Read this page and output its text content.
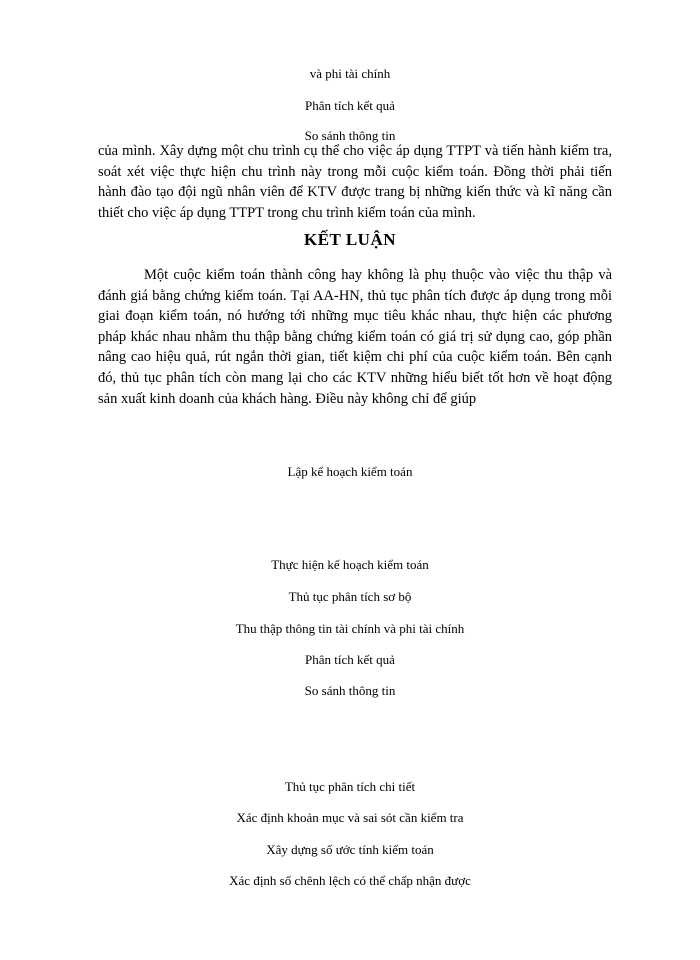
và phi tài chính
Phân tích kết quả
So sánh thông tin
của mình. Xây dựng một chu trình cụ thể cho việc áp dụng TTPT và tiến hành kiểm tra, soát xét việc thực hiện chu trình này trong mỗi cuộc kiểm toán. Đồng thời phải tiến hành đào tạo đội ngũ nhân viên để KTV được trang bị những kiến thức và kĩ năng cần thiết cho việc áp dụng TTPT trong chu trình kiểm toán của mình.
KẾT LUẬN
Một cuộc kiểm toán thành công hay không là phụ thuộc vào việc thu thập và đánh giá bằng chứng kiểm toán. Tại AA-HN, thủ tục phân tích được áp dụng trong mỗi giai đoạn kiểm toán, nó hướng tới những mục tiêu khác nhau, thực hiện các phương pháp khác nhau nhằm thu thập bằng chứng kiểm toán có giá trị sử dụng cao, góp phần nâng cao hiệu quả, rút ngắn thời gian, tiết kiệm chi phí của cuộc kiểm toán. Bên cạnh đó, thủ tục phân tích còn mang lại cho các KTV những hiểu biết tốt hơn về hoạt động sản xuất kinh doanh của khách hàng. Điều này không chỉ để giúp
Lập kế hoạch kiểm toán
Thực hiện kế hoạch kiểm toán
Thủ tục phân tích sơ bộ
Thu thập thông tin tài chính và phi tài chính
Phân tích kết quả
So sánh thông tin
Thủ tục phân tích chi tiết
Xác định khoản mục và sai sót cần kiểm tra
Xây dựng số ước tính kiểm toán
Xác định số chênh lệch có thể chấp nhận được
